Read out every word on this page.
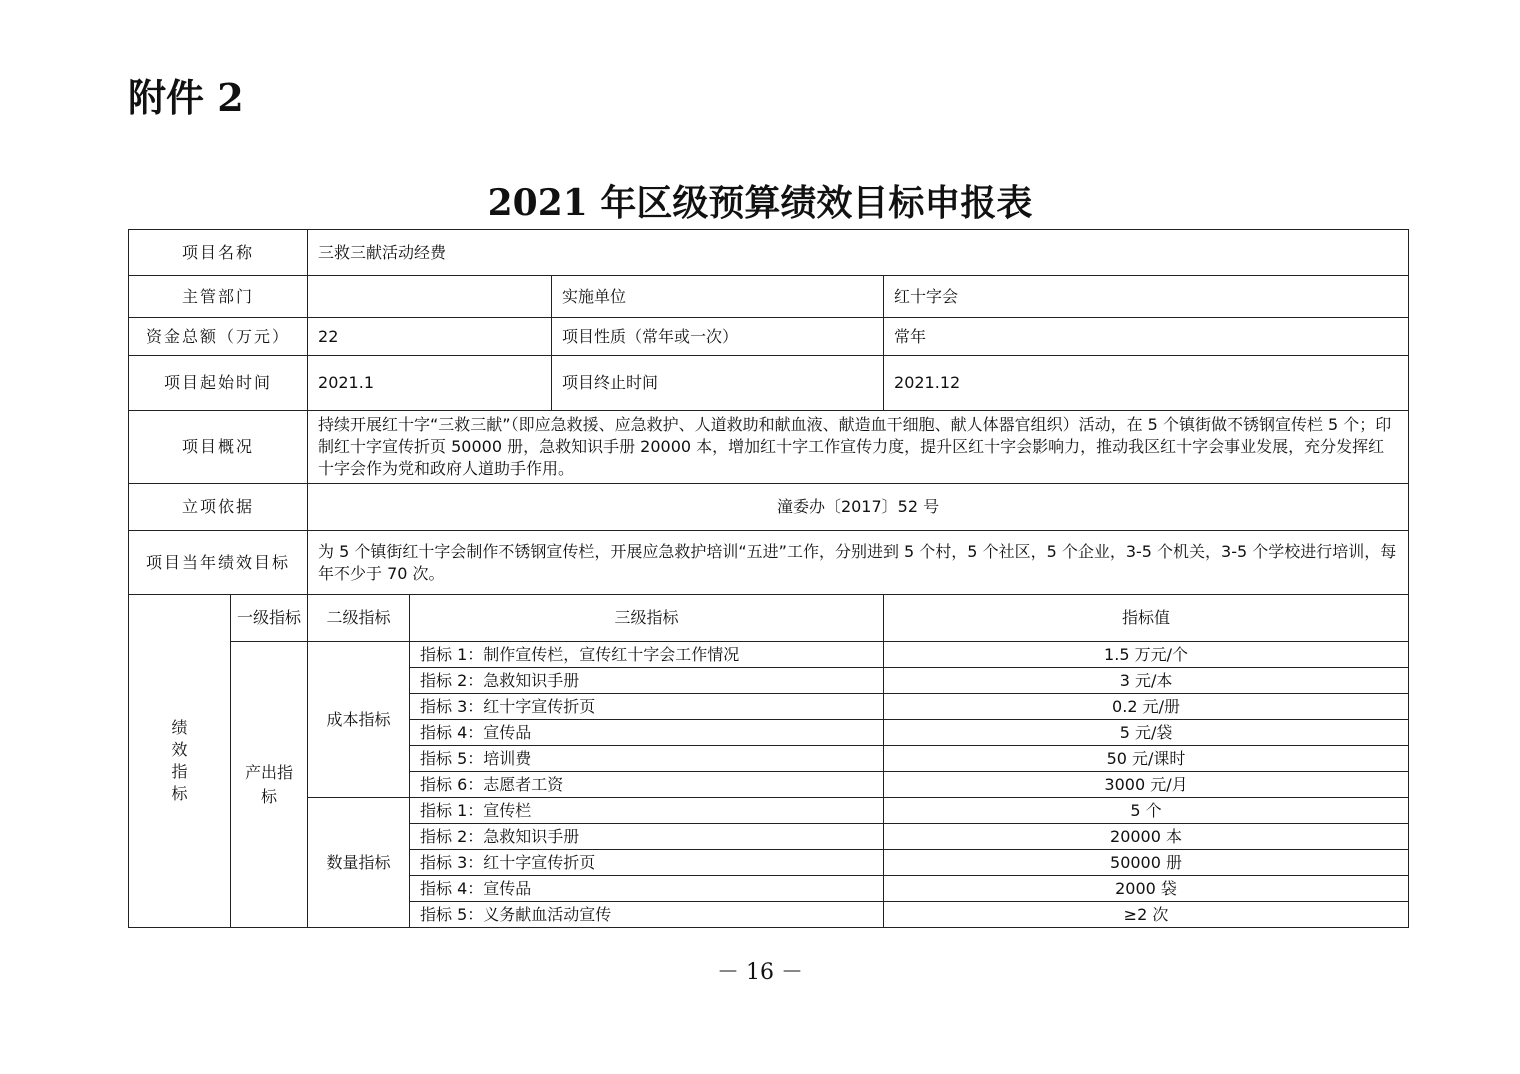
附件 2

2021 年区级预算绩效目标申报表
项目名称		三救三献活动经费			
主管部门				实施单位	红十字会
资金总额（万元）		22		项目性质（常年或一次）	常年
项目起始时间		2021.1		项目终止时间	2021.12
项目概况		持续开展红十字“三救三献”（即应急救援、应急救护、人道救助和献血液、献造血干细胞、献人体器官组织）活动，在 5 个镇街做不锈钢宣传栏 5 个；印制红十字宣传折页 50000 册，急救知识手册 20000 本，增加红十字工作宣传力度，提升区红十字会影响力，推动我区红十字会事业发展，充分发挥红十字会作为党和政府人道助手作用。			
立项依据		潼委办〔2017〕52 号			
项目当年绩效目标		为 5 个镇街红十字会制作不锈钢宣传栏，开展应急救护培训“五进”工作，分别进到 5 个村，5 个社区，5 个企业，3-5 个机关，3-5 个学校进行培训，每年不少于 70 次。			
绩
效
指
标	一级指标	二级指标	三级指标		指标值
	产出指标	成本指标	指标 1：制作宣传栏，宣传红十字会工作情况		1.5 万元/个
			指标 2：急救知识手册		3 元/本
			指标 3：红十字宣传折页		0.2 元/册
			指标 4：宣传品		5 元/袋
			指标 5：培训费		50 元/课时
			指标 6：志愿者工资		3000 元/月
		数量指标	指标 1：宣传栏		5 个
			指标 2：急救知识手册		20000 本
			指标 3：红十字宣传折页		50000 册
			指标 4：宣传品		2000 袋
			指标 5：义务献血活动宣传		≥2 次

－ 16 －
